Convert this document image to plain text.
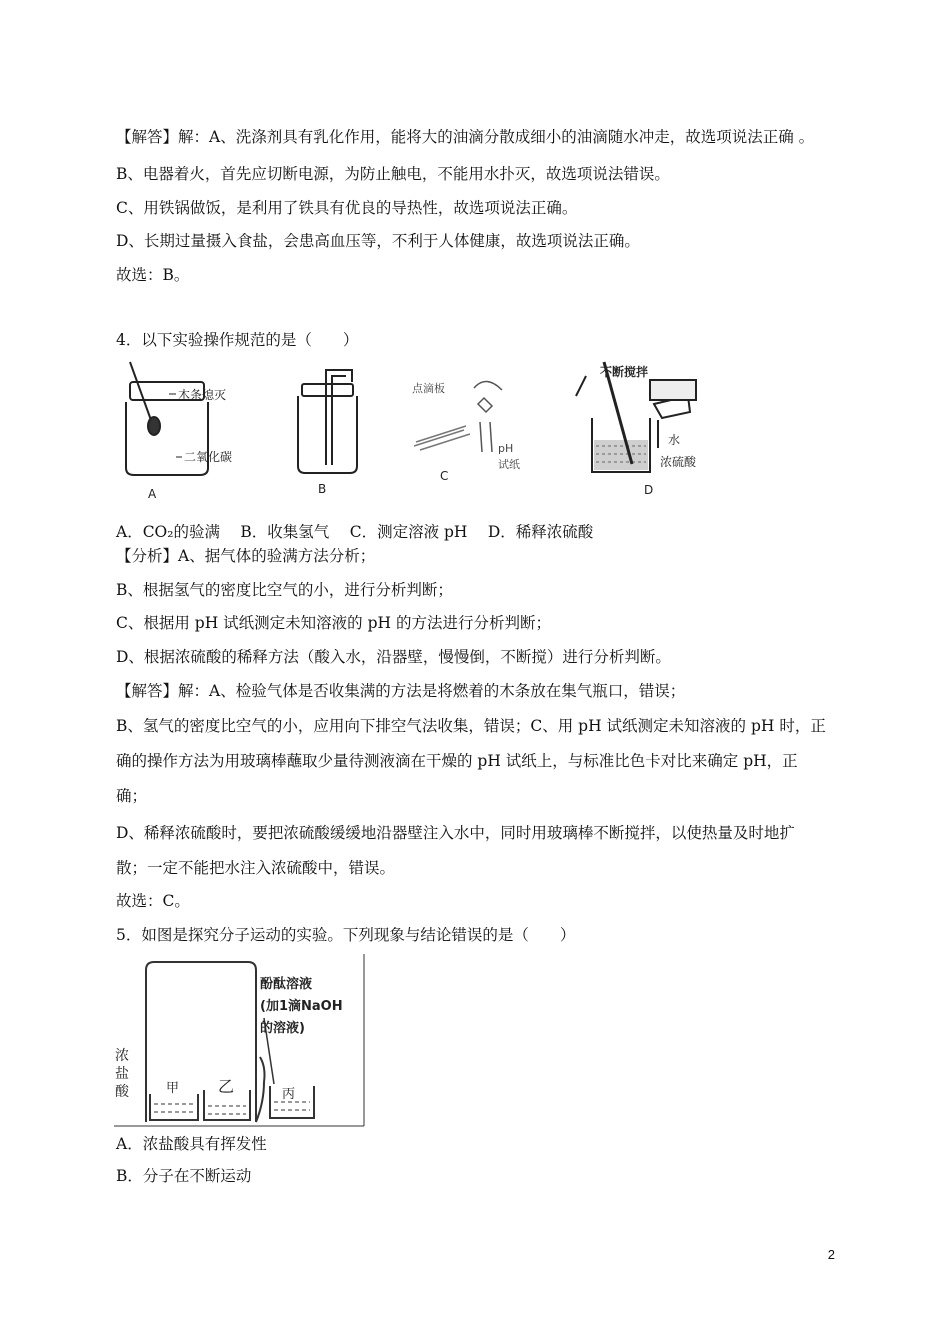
【解答】解：A、洗涤剂具有乳化作用，能将大的油滴分散成细小的油滴随水冲走，故选项说法正确 。
B、电器着火，首先应切断电源，为防止触电，不能用水扑灭，故选项说法错误。
C、用铁锅做饭，是利用了铁具有优良的导热性，故选项说法正确。
D、长期过量摄入食盐，会患高血压等，不利于人体健康，故选项说法正确。
故选：B。
4．以下实验操作规范的是（　　）
木条熄灭
二氧化碳
A	B
点滴板
pH
试纸
C
不断搅拌
水
浓硫酸
D
A．CO₂的验满　 B．收集氢气　 C．测定溶液 pH　 D．稀释浓硫酸
【分析】A、据气体的验满方法分析；
B、根据氢气的密度比空气的小，进行分析判断；
C、根据用 pH 试纸测定未知溶液的 pH 的方法进行分析判断；
D、根据浓硫酸的稀释方法（酸入水，沿器壁，慢慢倒，不断搅）进行分析判断。
【解答】解：A、检验气体是否收集满的方法是将燃着的木条放在集气瓶口，错误；
B、氢气的密度比空气的小，应用向下排空气法收集，错误；C、用 pH 试纸测定未知溶液的 pH 时，正
确的操作方法为用玻璃棒蘸取少量待测液滴在干燥的 pH 试纸上，与标准比色卡对比来确定 pH，正
确；
D、稀释浓硫酸时，要把浓硫酸缓缓地沿器壁注入水中，同时用玻璃棒不断搅拌，以使热量及时地扩
散；一定不能把水注入浓硫酸中，错误。
故选：C。
5．如图是探究分子运动的实验。下列现象与结论错误的是（　　）
浓
盐
酸
酚酞溶液
(加1滴NaOH
的溶液)
甲 乙	丙
A．浓盐酸具有挥发性
B．分子在不断运动
2
